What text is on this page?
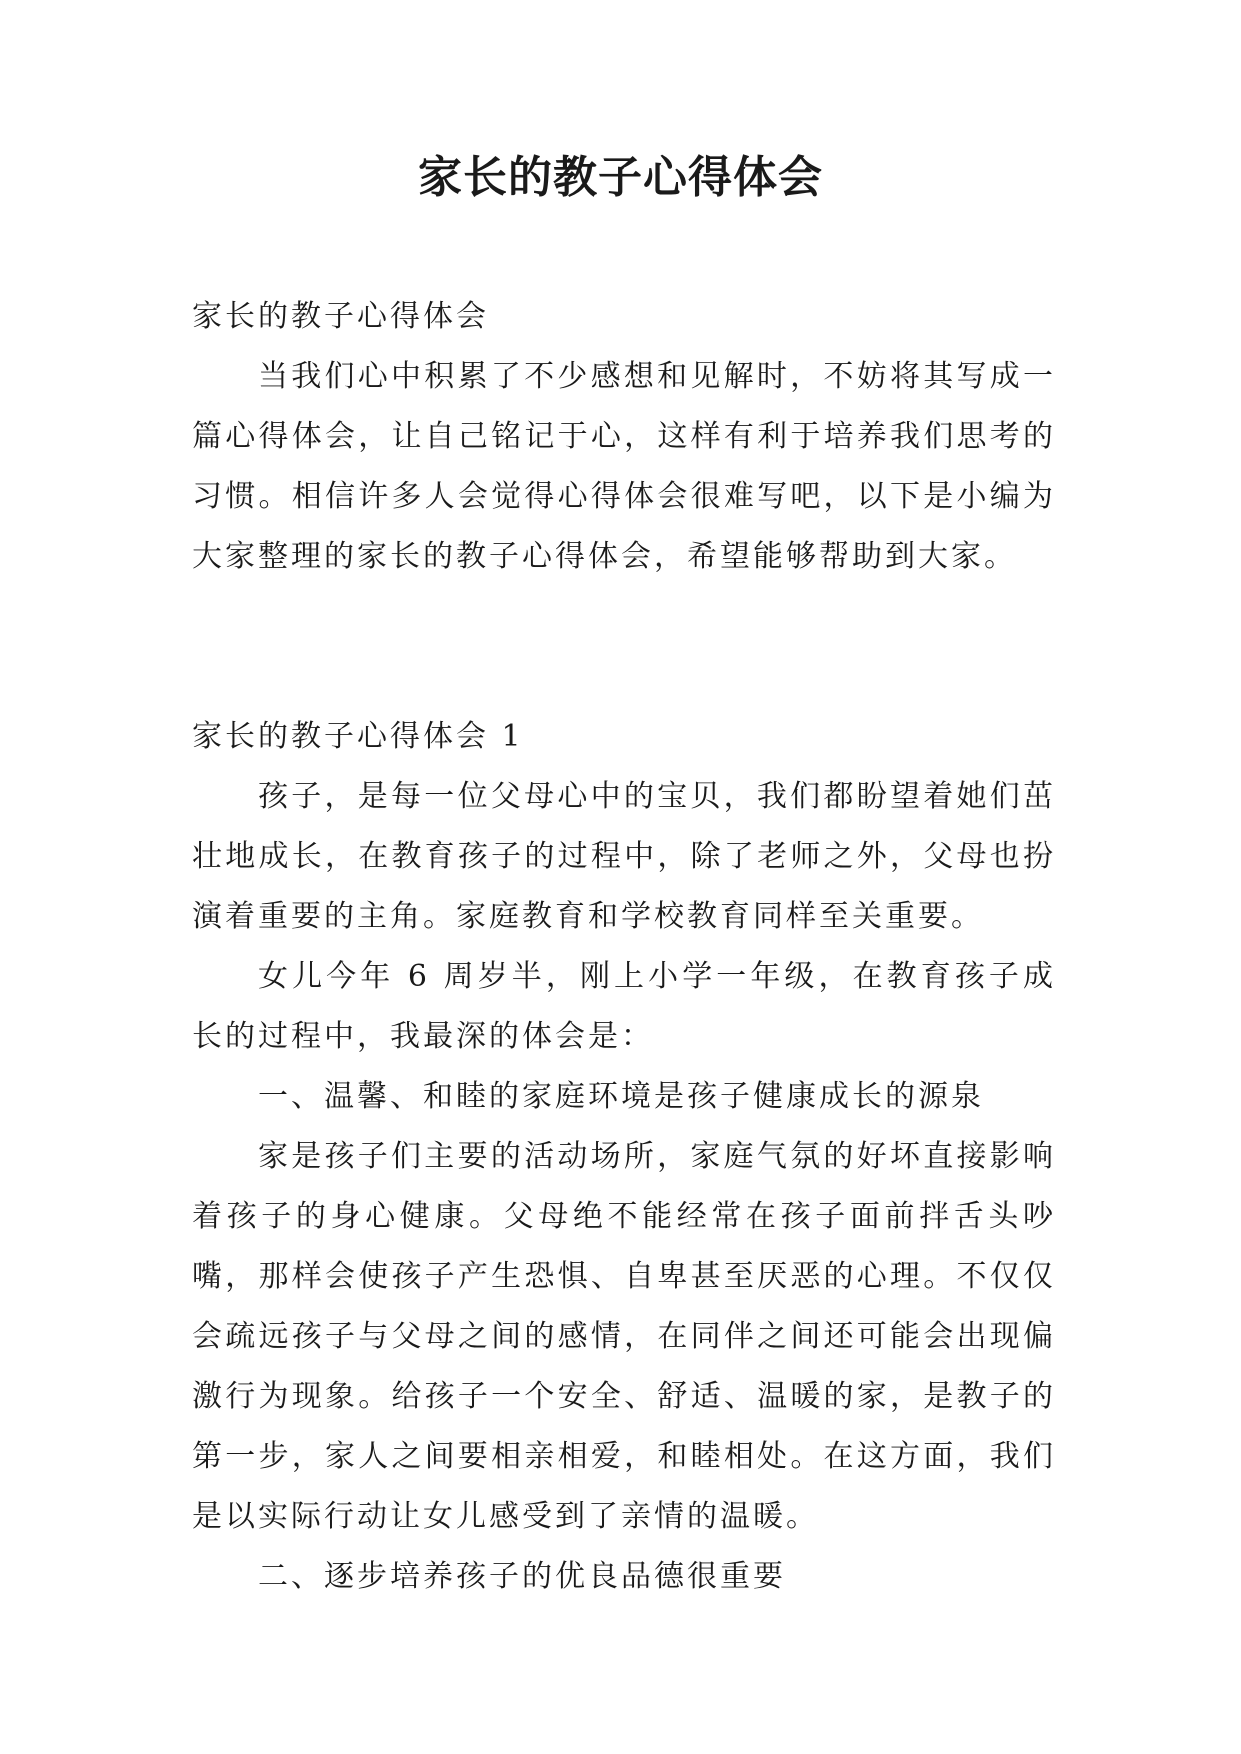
家长的教子心得体会

家长的教子心得体会

当我们心中积累了不少感想和见解时，不妨将其写成一篇心得体会，让自己铭记于心，这样有利于培养我们思考的习惯。相信许多人会觉得心得体会很难写吧，以下是小编为大家整理的家长的教子心得体会，希望能够帮助到大家。

家长的教子心得体会 1

孩子，是每一位父母心中的宝贝，我们都盼望着她们茁壮地成长，在教育孩子的过程中，除了老师之外，父母也扮演着重要的主角。家庭教育和学校教育同样至关重要。

女儿今年 6 周岁半，刚上小学一年级，在教育孩子成长的过程中，我最深的体会是：

一、温馨、和睦的家庭环境是孩子健康成长的源泉

家是孩子们主要的活动场所，家庭气氛的好坏直接影响着孩子的身心健康。父母绝不能经常在孩子面前拌舌头吵嘴，那样会使孩子产生恐惧、自卑甚至厌恶的心理。不仅仅会疏远孩子与父母之间的感情，在同伴之间还可能会出现偏激行为现象。给孩子一个安全、舒适、温暖的家，是教子的第一步，家人之间要相亲相爱，和睦相处。在这方面，我们是以实际行动让女儿感受到了亲情的温暖。

二、逐步培养孩子的优良品德很重要
